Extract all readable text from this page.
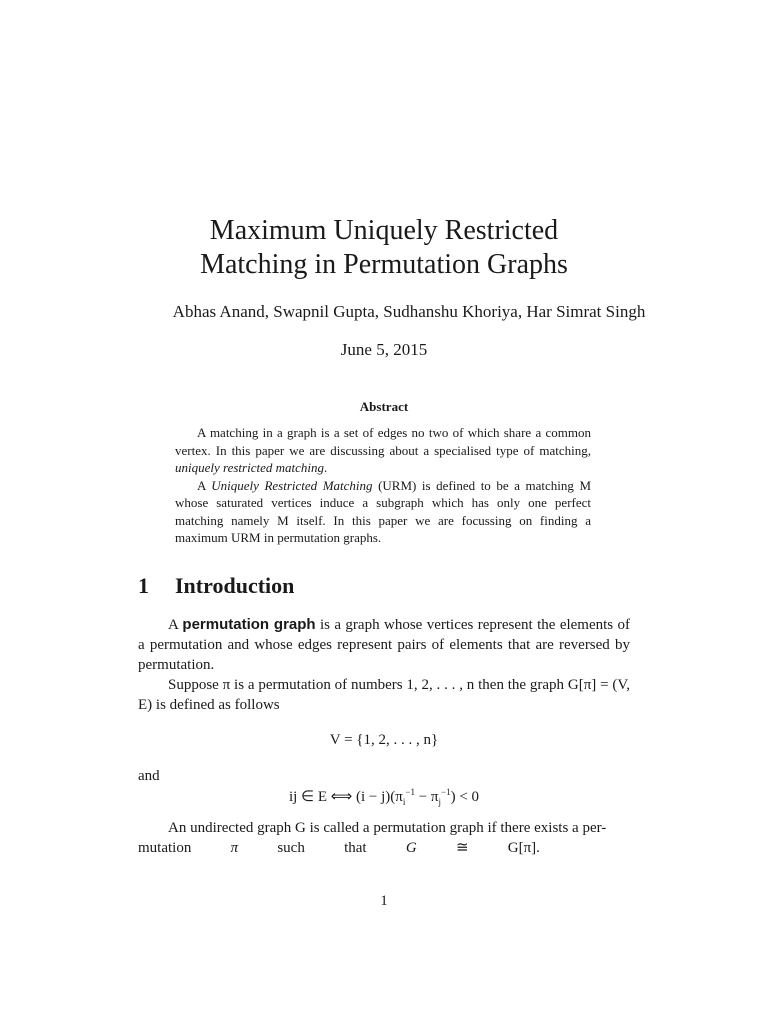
Maximum Uniquely Restricted
Matching in Permutation Graphs
Abhas Anand, Swapnil Gupta, Sudhanshu Khoriya, Har Simrat Singh
June 5, 2015
Abstract

A matching in a graph is a set of edges no two of which share a common vertex. In this paper we are discussing about a specialised type of matching, uniquely restricted matching.

A Uniquely Restricted Matching (URM) is defined to be a matching M whose saturated vertices induce a subgraph which has only one perfect matching namely M itself. In this paper we are focussing on finding a maximum URM in permutation graphs.

1 Introduction

A permutation graph is a graph whose vertices represent the elements of a permutation and whose edges represent pairs of elements that are reversed by permutation.

Suppose π is a permutation of numbers 1, 2, . . . , n then the graph G[π] = (V, E) is defined as follows

V = {1, 2, . . . , n}

and

ij ∈ E ⟺ $(i - j)(\pi_i^{-1} - \pi_j^{-1}) < 0$

An undirected graph G is called a permutation graph if there exists a per-

mutation	π	such	that	G	≅	G[π].
1
